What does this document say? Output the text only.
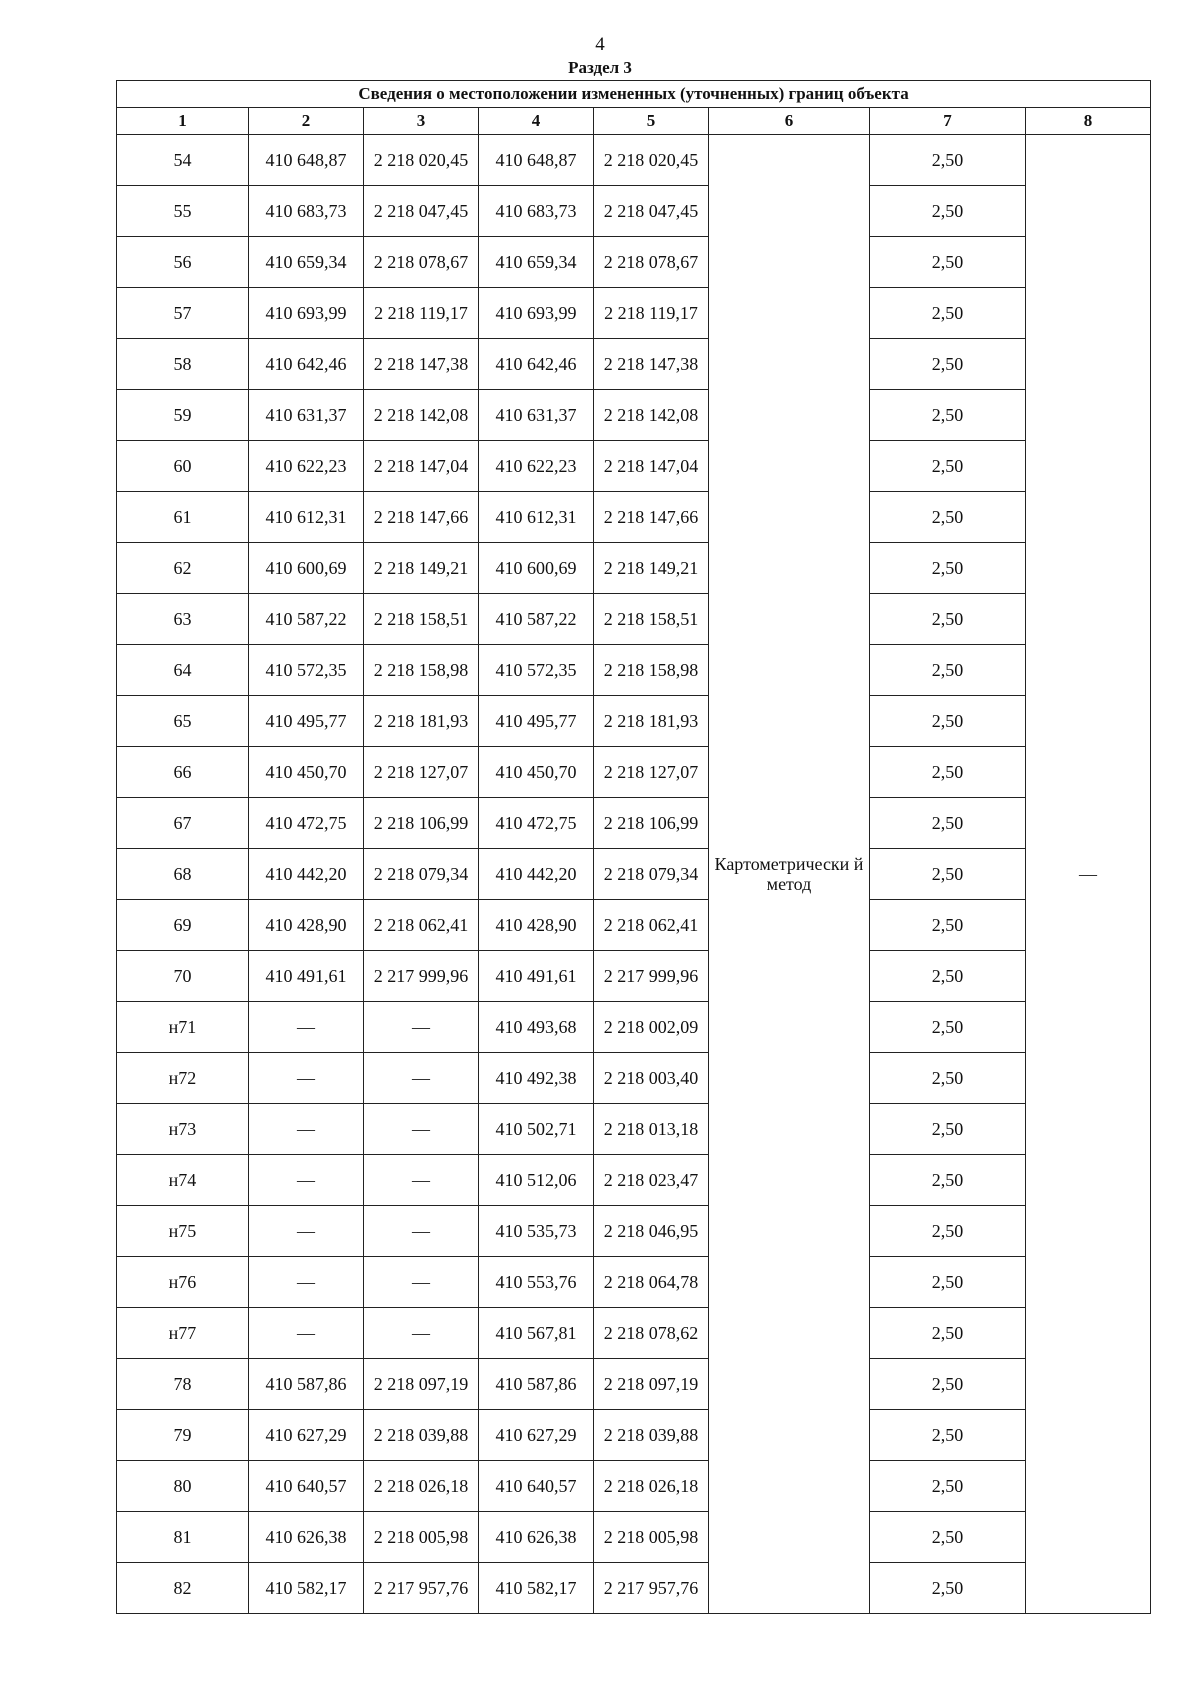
4
Раздел 3
Сведения о местоположении измененных (уточненных) границ объекта							
1	2	3	4	5	6	7	8
54	410 648,87	2 218 020,45	410 648,87	2 218 020,45	Картометрически й метод	2,50	—
55	410 683,73	2 218 047,45	410 683,73	2 218 047,45		2,50	
56	410 659,34	2 218 078,67	410 659,34	2 218 078,67		2,50	
57	410 693,99	2 218 119,17	410 693,99	2 218 119,17		2,50	
58	410 642,46	2 218 147,38	410 642,46	2 218 147,38		2,50	
59	410 631,37	2 218 142,08	410 631,37	2 218 142,08		2,50	
60	410 622,23	2 218 147,04	410 622,23	2 218 147,04		2,50	
61	410 612,31	2 218 147,66	410 612,31	2 218 147,66		2,50	
62	410 600,69	2 218 149,21	410 600,69	2 218 149,21		2,50	
63	410 587,22	2 218 158,51	410 587,22	2 218 158,51		2,50	
64	410 572,35	2 218 158,98	410 572,35	2 218 158,98		2,50	
65	410 495,77	2 218 181,93	410 495,77	2 218 181,93		2,50	
66	410 450,70	2 218 127,07	410 450,70	2 218 127,07		2,50	
67	410 472,75	2 218 106,99	410 472,75	2 218 106,99		2,50	
68	410 442,20	2 218 079,34	410 442,20	2 218 079,34		2,50	
69	410 428,90	2 218 062,41	410 428,90	2 218 062,41		2,50	
70	410 491,61	2 217 999,96	410 491,61	2 217 999,96		2,50	
н71	—	—	410 493,68	2 218 002,09		2,50	
н72	—	—	410 492,38	2 218 003,40		2,50	
н73	—	—	410 502,71	2 218 013,18		2,50	
н74	—	—	410 512,06	2 218 023,47		2,50	
н75	—	—	410 535,73	2 218 046,95		2,50	
н76	—	—	410 553,76	2 218 064,78		2,50	
н77	—	—	410 567,81	2 218 078,62		2,50	
78	410 587,86	2 218 097,19	410 587,86	2 218 097,19		2,50	
79	410 627,29	2 218 039,88	410 627,29	2 218 039,88		2,50	
80	410 640,57	2 218 026,18	410 640,57	2 218 026,18		2,50	
81	410 626,38	2 218 005,98	410 626,38	2 218 005,98		2,50	
82	410 582,17	2 217 957,76	410 582,17	2 217 957,76		2,50	
